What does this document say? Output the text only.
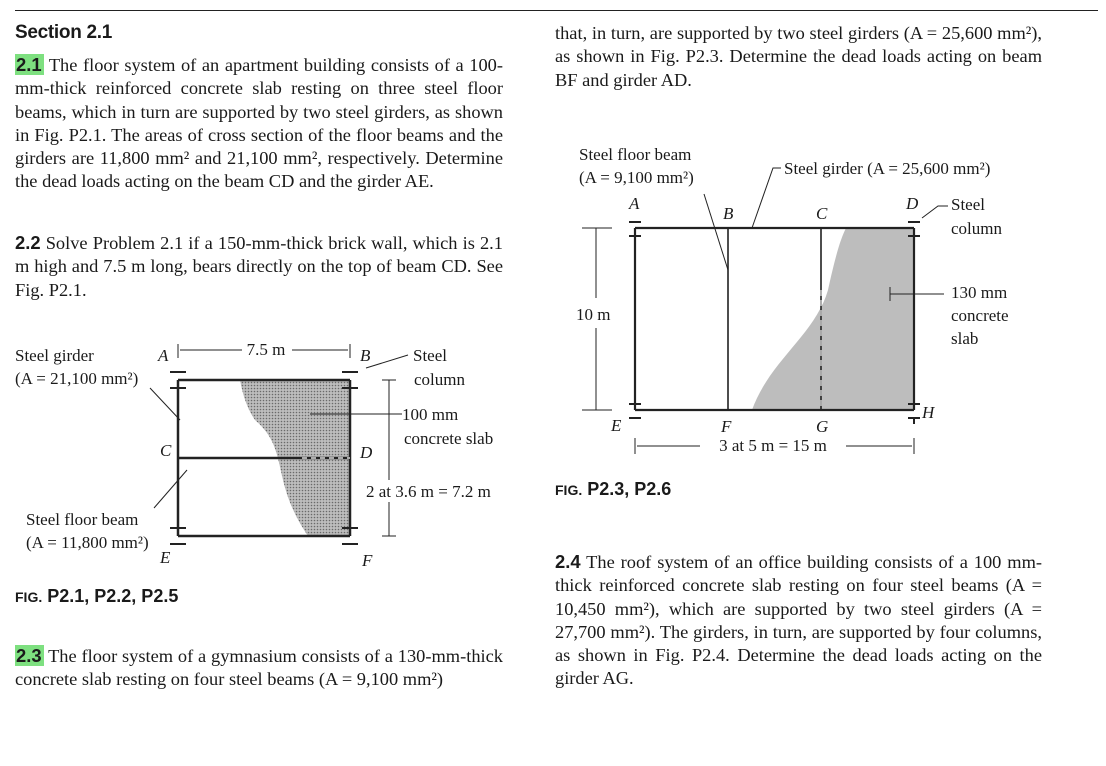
Section 2.1
2.1 The floor system of an apartment building consists of a 100-mm-thick reinforced concrete slab resting on three steel floor beams, which in turn are supported by two steel girders, as shown in Fig. P2.1. The areas of cross section of the floor beams and the girders are 11,800 mm² and 21,100 mm², respectively. Determine the dead loads acting on the beam CD and the girder AE.
2.2 Solve Problem 2.1 if a 150-mm-thick brick wall, which is 2.1 m high and 7.5 m long, bears directly on the top of beam CD. See Fig. P2.1.
7.5 m
2 at 3.6 m = 7.2 m
Steel girder
(A = 21,100 mm²)
A	B
C	D
E	F
Steel
column
100 mm
concrete slab
Steel floor beam
(A = 11,800 mm²)
FIG. P2.1, P2.2, P2.5
2.3 The floor system of a gymnasium consists of a 130-mm-thick concrete slab resting on four steel beams (A = 9,100 mm²)
that, in turn, are supported by two steel girders (A = 25,600 mm²), as shown in Fig. P2.3. Determine the dead loads acting on beam BF and girder AD.
10 m
3 at 5 m = 15 m
Steel floor beam
(A = 9,100 mm²)	Steel girder (A = 25,600 mm²)
A
B	C
D
E	F	G
H
Steel
column
130 mm
concrete
slab
FIG. P2.3, P2.6
2.4 The roof system of an office building consists of a 100 mm-thick reinforced concrete slab resting on four steel beams (A = 10,450 mm²), which are supported by two steel girders (A = 27,700 mm²). The girders, in turn, are supported by four columns, as shown in Fig. P2.4. Determine the dead loads acting on the girder AG.
